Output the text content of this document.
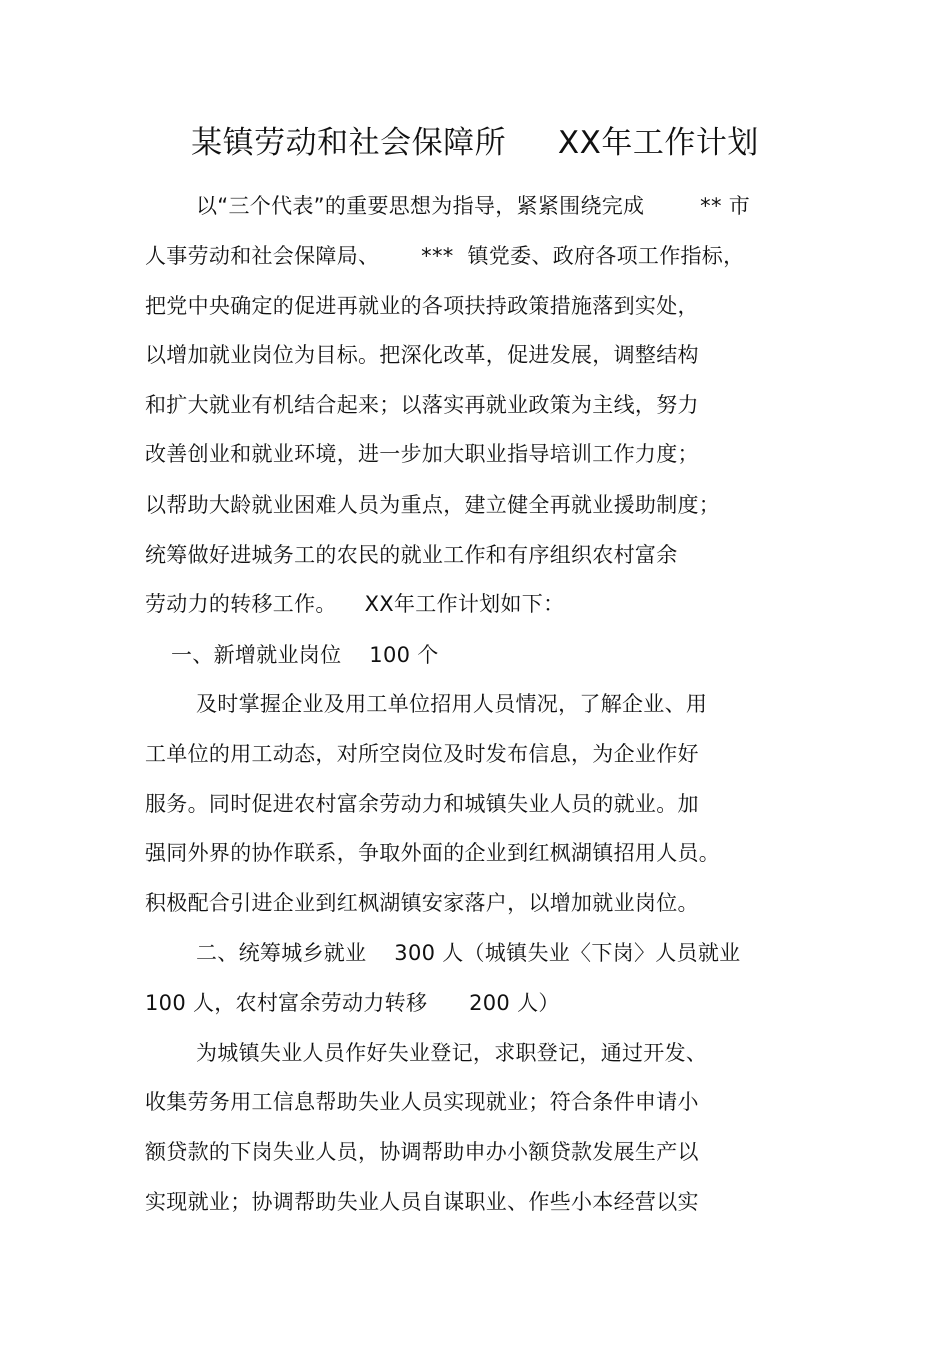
某镇劳动和社会保障所     XX年工作计划
以“三个代表”的重要思想为指导，紧紧围绕完成        ** 市
人事劳动和社会保障局、      ***  镇党委、政府各项工作指标，
把党中央确定的促进再就业的各项扶持政策措施落到实处，
以增加就业岗位为目标。把深化改革，促进发展，调整结构
和扩大就业有机结合起来；以落实再就业政策为主线，努力
改善创业和就业环境，进一步加大职业指导培训工作力度；
以帮助大龄就业困难人员为重点，建立健全再就业援助制度；
统筹做好进城务工的农民的就业工作和有序组织农村富余
劳动力的转移工作。    XX年工作计划如下：
一、新增就业岗位    100 个
及时掌握企业及用工单位招用人员情况，了解企业、用
工单位的用工动态，对所空岗位及时发布信息，为企业作好
服务。同时促进农村富余劳动力和城镇失业人员的就业。加
强同外界的协作联系，争取外面的企业到红枫湖镇招用人员。
积极配合引进企业到红枫湖镇安家落户，以增加就业岗位。
二、统筹城乡就业    300 人（城镇失业〈下岗〉人员就业
100 人，农村富余劳动力转移      200 人）
为城镇失业人员作好失业登记，求职登记，通过开发、
收集劳务用工信息帮助失业人员实现就业；符合条件申请小
额贷款的下岗失业人员，协调帮助申办小额贷款发展生产以
实现就业；协调帮助失业人员自谋职业、作些小本经营以实
